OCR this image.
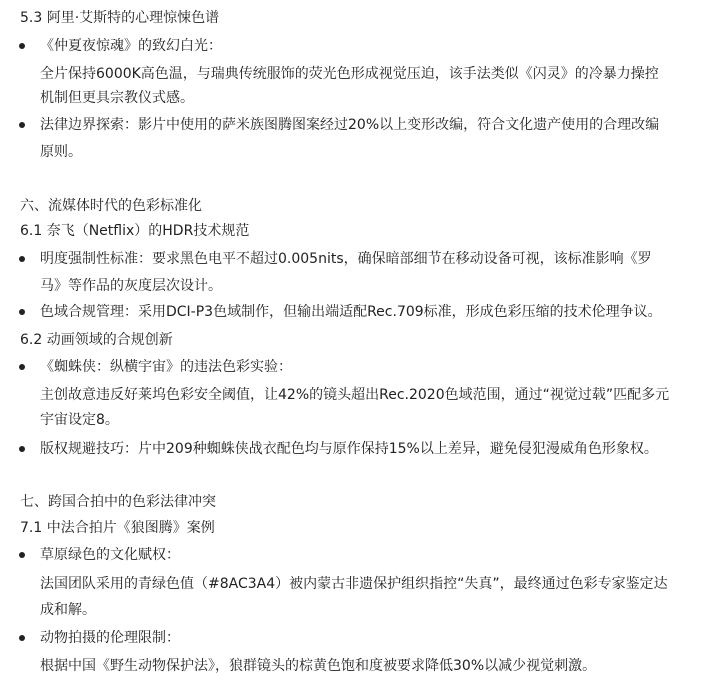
5.3 阿里·艾斯特的心理惊悚色谱
《仲夏夜惊魂》的致幻白光：
全片保持6000K高色温，与瑞典传统服饰的荧光色形成视觉压迫，该手法类似《闪灵》的冷暴力操控
机制但更具宗教仪式感。
法律边界探索：影片中使用的萨米族图腾图案经过20%以上变形改编，符合文化遗产使用的合理改编
原则。
六、流媒体时代的色彩标准化
6.1 奈飞（Netflix）的HDR技术规范
明度强制性标准：要求黑色电平不超过0.005nits，确保暗部细节在移动设备可视，该标准影响《罗
马》等作品的灰度层次设计。
色域合规管理：采用DCI-P3色域制作，但输出端适配Rec.709标准，形成色彩压缩的技术伦理争议。
6.2 动画领域的合规创新
《蜘蛛侠：纵横宇宙》的违法色彩实验：
主创故意违反好莱坞色彩安全阈值，让42%的镜头超出Rec.2020色域范围，通过“视觉过载”匹配多元
宇宙设定8。
版权规避技巧：片中209种蜘蛛侠战衣配色均与原作保持15%以上差异，避免侵犯漫威角色形象权。
七、跨国合拍中的色彩法律冲突
7.1 中法合拍片《狼图腾》案例
草原绿色的文化赋权：
法国团队采用的青绿色值（#8AC3A4）被内蒙古非遗保护组织指控“失真”，最终通过色彩专家鉴定达
成和解。
动物拍摄的伦理限制：
根据中国《野生动物保护法》，狼群镜头的棕黄色饱和度被要求降低30%以减少视觉刺激。
